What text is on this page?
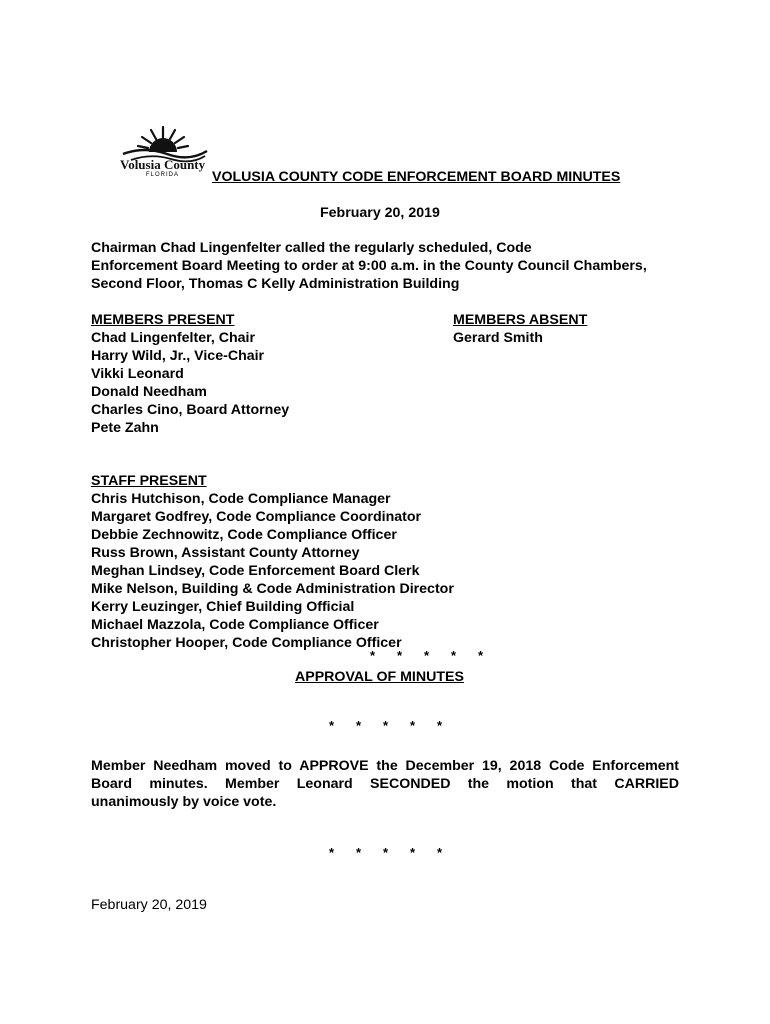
Volusia County
FLORIDA VOLUSIA COUNTY CODE ENFORCEMENT BOARD MINUTES
February 20, 2019
Chairman Chad Lingenfelter called the regularly scheduled, Code
Enforcement Board Meeting to order at 9:00 a.m. in the County Council Chambers,
Second Floor, Thomas C Kelly Administration Building
MEMBERS PRESENT
Chad Lingenfelter, Chair
Harry Wild, Jr., Vice-Chair
Vikki Leonard
Donald Needham
Charles Cino, Board Attorney
Pete Zahn
MEMBERS ABSENT
Gerard Smith
STAFF PRESENT
Chris Hutchison, Code Compliance Manager
Margaret Godfrey, Code Compliance Coordinator
Debbie Zechnowitz, Code Compliance Officer
Russ Brown, Assistant County Attorney
Meghan Lindsey, Code Enforcement Board Clerk
Mike Nelson, Building & Code Administration Director
Kerry Leuzinger, Chief Building Official
Michael Mazzola, Code Compliance Officer
Christopher Hooper, Code Compliance Officer
* * * * *
APPROVAL OF MINUTES
* * * * *
Member Needham moved to APPROVE the December 19, 2018 Code Enforcement
Board minutes. Member Leonard SECONDED the motion that CARRIED
unanimously by voice vote.
* * * * *
February 20, 2019
